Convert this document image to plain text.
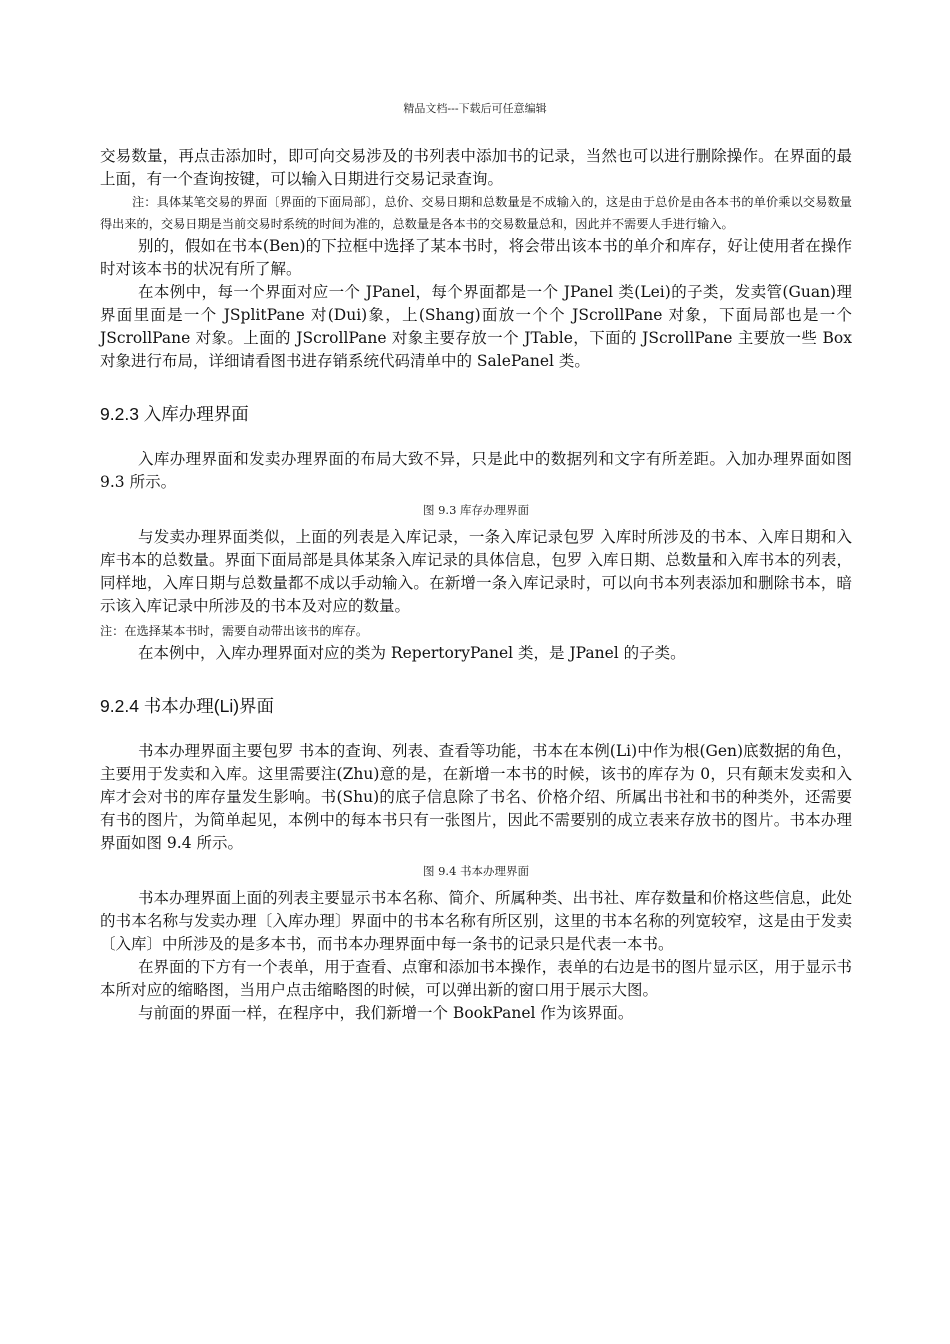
精品文档---下载后可任意编辑

交易数量，再点击添加时，即可向交易涉及的书列表中添加书的记录，当然也可以进行删除操作。在界面的最上面，有一个查询按键，可以输入日期进行交易记录查询。

注：具体某笔交易的界面〔界面的下面局部〕，总价、交易日期和总数量是不成输入的，这是由于总价是由各本书的单价乘以交易数量得出来的，交易日期是当前交易时系统的时间为准的，总数量是各本书的交易数量总和，因此并不需要人手进行输入。

别的，假如在书本(Ben)的下拉框中选择了某本书时，将会带出该本书的单介和库存，好让使用者在操作时对该本书的状况有所了解。

在本例中，每一个界面对应一个 JPanel，每个界面都是一个 JPanel 类(Lei)的子类，发卖管(Guan)理界面里面是一个 JSplitPane 对(Dui)象，上(Shang)面放一个个 JScrollPane 对象，下面局部也是一个 JScrollPane 对象。上面的 JScrollPane 对象主要存放一个 JTable，下面的 JScrollPane 主要放一些 Box 对象进行布局，详细请看图书进存销系统代码清单中的 SalePanel 类。

9.2.3 入库办理界面

入库办理界面和发卖办理界面的布局大致不异，只是此中的数据列和文字有所差距。入加办理界面如图 9.3 所示。

图 9.3 库存办理界面

与发卖办理界面类似，上面的列表是入库记录，一条入库记录包罗 入库时所涉及的书本、入库日期和入库书本的总数量。界面下面局部是具体某条入库记录的具体信息，包罗 入库日期、总数量和入库书本的列表，同样地，入库日期与总数量都不成以手动输入。在新增一条入库记录时，可以向书本列表添加和删除书本，暗示该入库记录中所涉及的书本及对应的数量。

注：在选择某本书时，需要自动带出该书的库存。

在本例中，入库办理界面对应的类为 RepertoryPanel 类，是 JPanel 的子类。

9.2.4 书本办理(Li)界面

书本办理界面主要包罗 书本的查询、列表、查看等功能，书本在本例(Li)中作为根(Gen)底数据的角色，主要用于发卖和入库。这里需要注(Zhu)意的是，在新增一本书的时候，该书的库存为 0，只有颠末发卖和入库才会对书的库存量发生影响。书(Shu)的底子信息除了书名、价格介绍、所属出书社和书的种类外，还需要有书的图片，为简单起见，本例中的每本书只有一张图片，因此不需要别的成立表来存放书的图片。书本办理界面如图 9.4 所示。

图 9.4 书本办理界面

书本办理界面上面的列表主要显示书本名称、简介、所属种类、出书社、库存数量和价格这些信息，此处的书本名称与发卖办理〔入库办理〕界面中的书本名称有所区别，这里的书本名称的列宽较窄，这是由于发卖〔入库〕中所涉及的是多本书，而书本办理界面中每一条书的记录只是代表一本书。

在界面的下方有一个表单，用于查看、点窜和添加书本操作，表单的右边是书的图片显示区，用于显示书本所对应的缩略图，当用户点击缩略图的时候，可以弹出新的窗口用于展示大图。

与前面的界面一样，在程序中，我们新增一个 BookPanel 作为该界面。
